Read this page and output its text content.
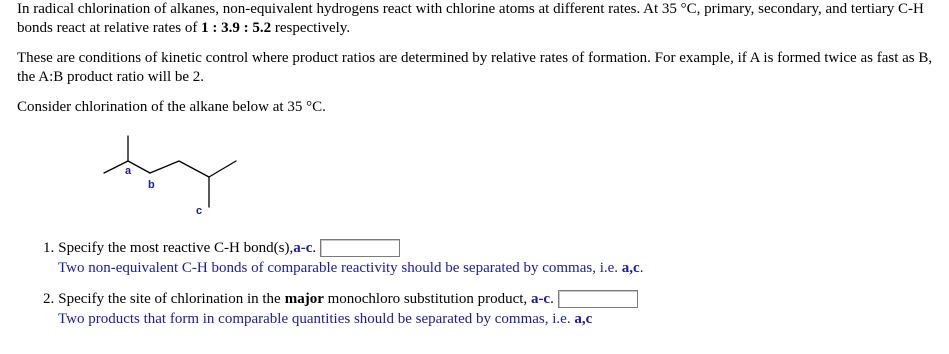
In radical chlorination of alkanes, non-equivalent hydrogens react with chlorine atoms at different rates. At 35 °C, primary, secondary, and tertiary C-H bonds react at relative rates of 1 : 3.9 : 5.2 respectively.

These are conditions of kinetic control where product ratios are determined by relative rates of formation. For example, if A is formed twice as fast as B, the A:B product ratio will be 2.

Consider chlorination of the alkane below at 35 °C.

a
b
c
1. Specify the most reactive C-H bond(s), a-c .
Two non-equivalent C-H bonds of comparable reactivity should be separated by commas, i.e. a,c.
2. Specify the site of chlorination in the major monochloro substitution product, a-c .
Two products that form in comparable quantities should be separated by commas, i.e. a,c
